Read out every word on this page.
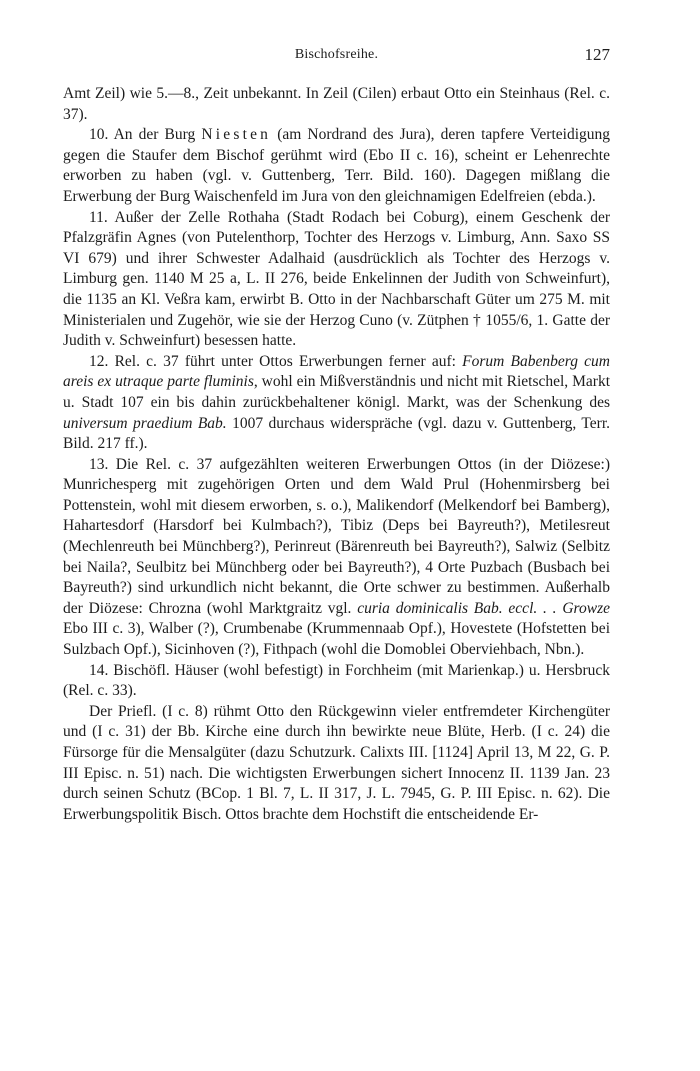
Bischofsreihe.	127

Amt Zeil) wie 5.—8., Zeit unbekannt. In Zeil (Cilen) erbaut Otto ein Steinhaus (Rel. c. 37).

10. An der Burg Niesten (am Nordrand des Jura), deren tapfere Verteidigung gegen die Staufer dem Bischof gerühmt wird (Ebo II c. 16), scheint er Lehenrechte erworben zu haben (vgl. v. Guttenberg, Terr. Bild. 160). Dagegen mißlang die Erwerbung der Burg Waischenfeld im Jura von den gleichnamigen Edelfreien (ebda.).

11. Außer der Zelle Rothaha (Stadt Rodach bei Coburg), einem Geschenk der Pfalzgräfin Agnes (von Putelenthorp, Tochter des Herzogs v. Limburg, Ann. Saxo SS VI 679) und ihrer Schwester Adalhaid (ausdrücklich als Tochter des Herzogs v. Limburg gen. 1140 M 25 a, L. II 276, beide Enkelinnen der Judith von Schweinfurt), die 1135 an Kl. Veßra kam, erwirbt B. Otto in der Nachbarschaft Güter um 275 M. mit Ministerialen und Zugehör, wie sie der Herzog Cuno (v. Zütphen † 1055/6, 1. Gatte der Judith v. Schweinfurt) besessen hatte.

12. Rel. c. 37 führt unter Ottos Erwerbungen ferner auf: Forum Babenberg cum areis ex utraque parte fluminis, wohl ein Mißverständnis und nicht mit Rietschel, Markt u. Stadt 107 ein bis dahin zurückbehaltener königl. Markt, was der Schenkung des universum praedium Bab. 1007 durchaus widerspräche (vgl. dazu v. Guttenberg, Terr. Bild. 217 ff.).

13. Die Rel. c. 37 aufgezählten weiteren Erwerbungen Ottos (in der Diözese:) Munrichesperg mit zugehörigen Orten und dem Wald Prul (Hohenmirsberg bei Pottenstein, wohl mit diesem erworben, s. o.), Malikendorf (Melkendorf bei Bamberg), Hahartesdorf (Harsdorf bei Kulmbach?), Tibiz (Deps bei Bayreuth?), Metilesreut (Mechlenreuth bei Münchberg?), Perinreut (Bärenreuth bei Bayreuth?), Salwiz (Selbitz bei Naila?, Seulbitz bei Münchberg oder bei Bayreuth?), 4 Orte Puzbach (Busbach bei Bayreuth?) sind urkundlich nicht bekannt, die Orte schwer zu bestimmen. Außerhalb der Diözese: Chrozna (wohl Marktgraitz vgl. curia dominicalis Bab. eccl. . . Growze Ebo III c. 3), Walber (?), Crumbenabe (Krummennaab Opf.), Hovestete (Hofstetten bei Sulzbach Opf.), Sicinhoven (?), Fithpach (wohl die Domoblei Oberviehbach, Nbn.).

14. Bischöfl. Häuser (wohl befestigt) in Forchheim (mit Marienkap.) u. Hersbruck (Rel. c. 33).

Der Priefl. (I c. 8) rühmt Otto den Rückgewinn vieler entfremdeter Kirchengüter und (I c. 31) der Bb. Kirche eine durch ihn bewirkte neue Blüte, Herb. (I c. 24) die Fürsorge für die Mensalgüter (dazu Schutzurk. Calixts III. [1124] April 13, M 22, G. P. III Episc. n. 51) nach. Die wichtigsten Erwerbungen sichert Innocenz II. 1139 Jan. 23 durch seinen Schutz (BCop. 1 Bl. 7, L. II 317, J. L. 7945, G. P. III Episc. n. 62). Die Erwerbungspolitik Bisch. Ottos brachte dem Hochstift die entscheidende Er-
